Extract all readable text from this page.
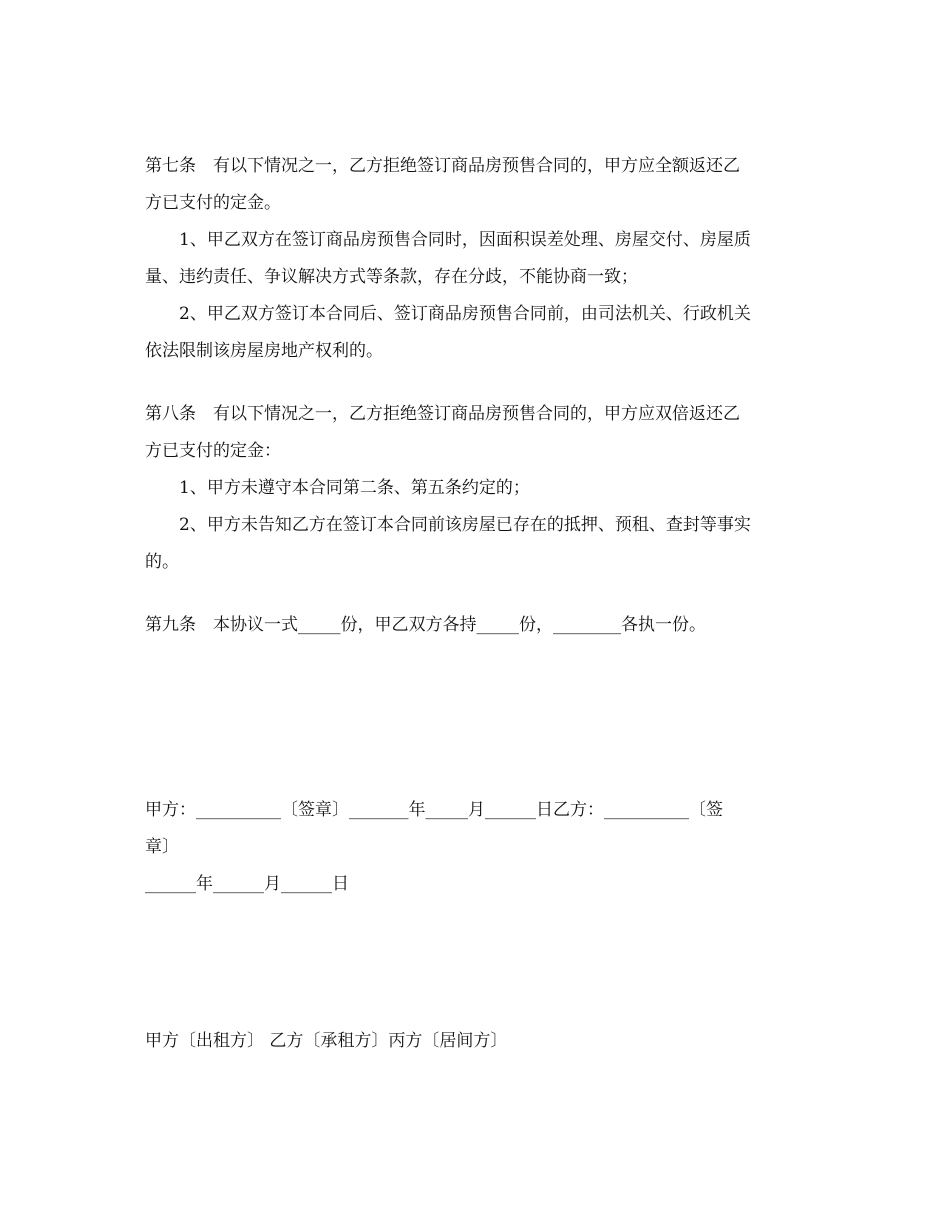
第七条　有以下情况之一，乙方拒绝签订商品房预售合同的，甲方应全额返还乙
方已支付的定金。
1、甲乙双方在签订商品房预售合同时，因面积误差处理、房屋交付、房屋质
量、违约责任、争议解决方式等条款，存在分歧，不能协商一致；
2、甲乙双方签订本合同后、签订商品房预售合同前，由司法机关、行政机关
依法限制该房屋房地产权利的。
第八条　有以下情况之一，乙方拒绝签订商品房预售合同的，甲方应双倍返还乙
方已支付的定金：
1、甲方未遵守本合同第二条、第五条约定的；
2、甲方未告知乙方在签订本合同前该房屋已存在的抵押、预租、查封等事实
的。
第九条　本协议一式_____份，甲乙双方各持_____份，________各执一份。
甲方：__________〔签章〕_______年_____月______日乙方：__________〔签
章〕
______年______月______日
甲方〔出租方〕 乙方〔承租方〕丙方〔居间方〕
